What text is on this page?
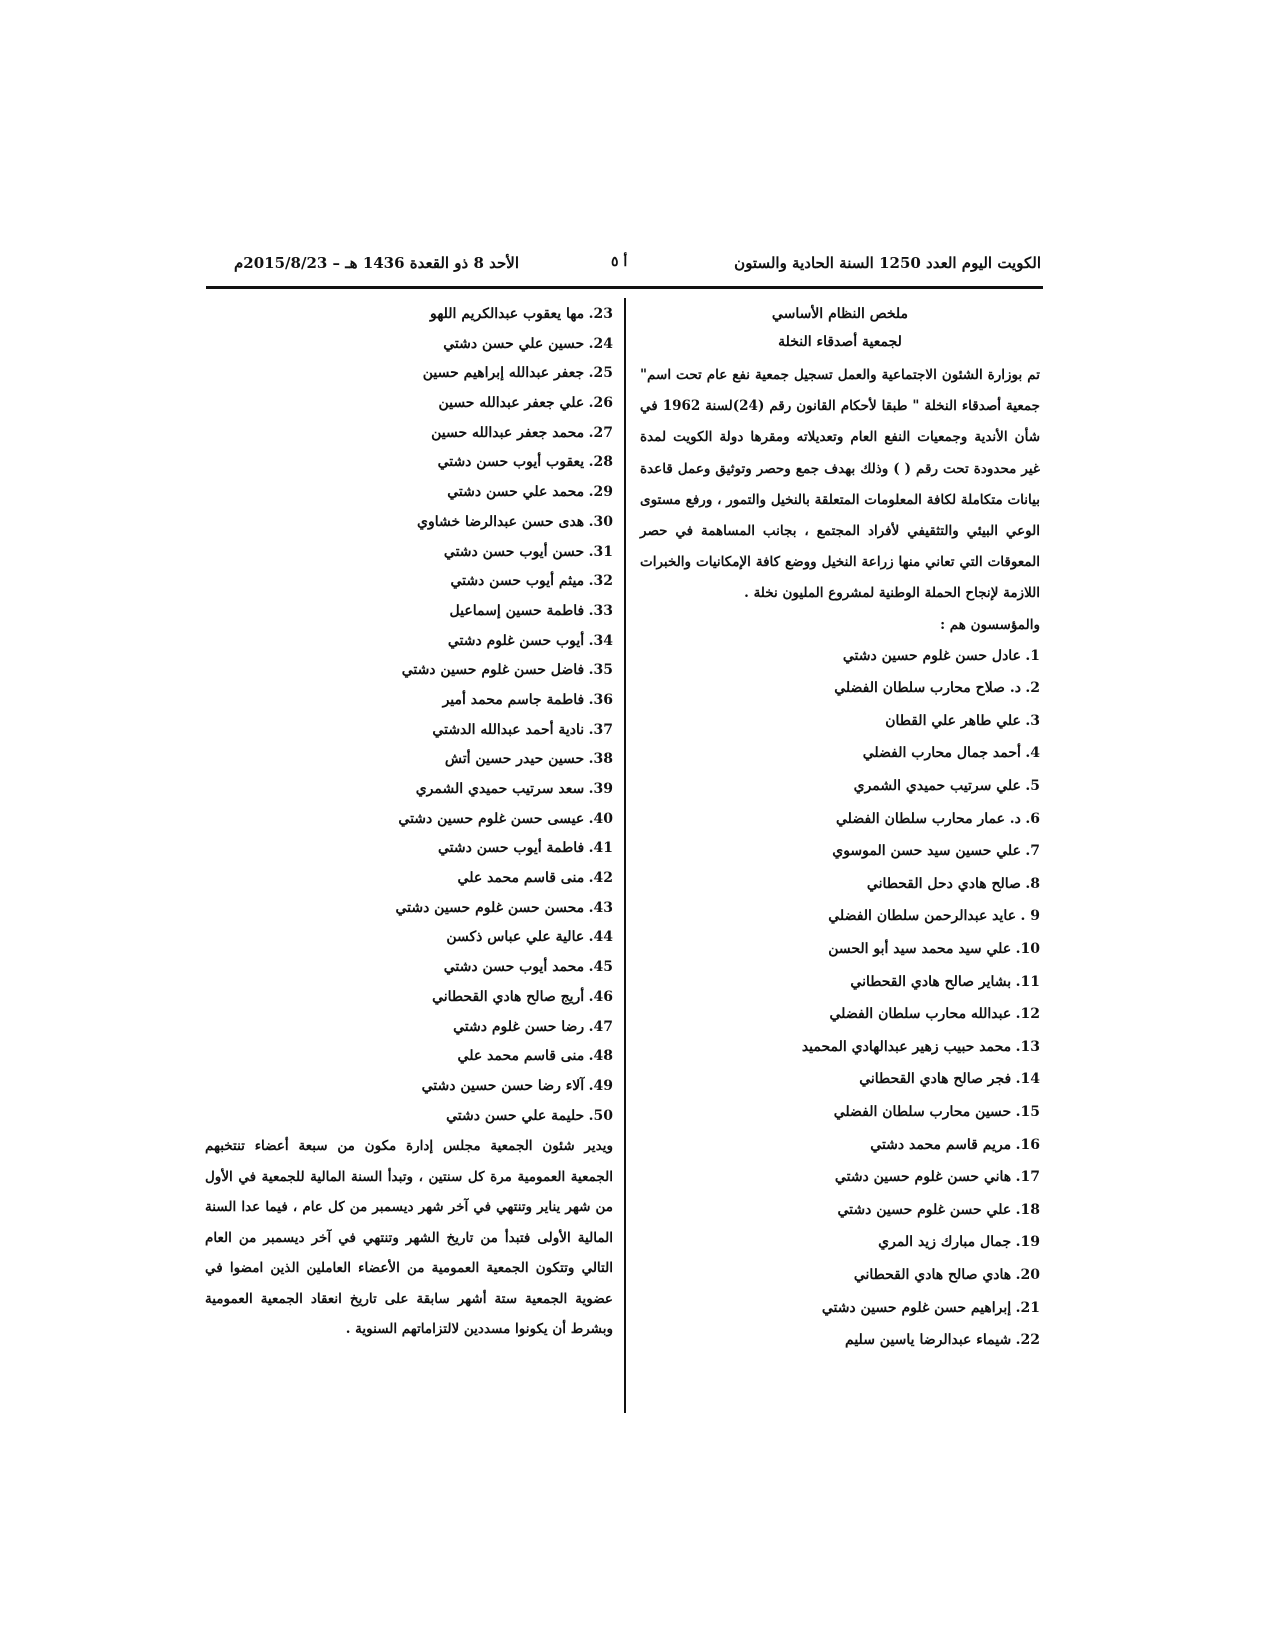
الكويت اليوم العدد 1250 السنة الحادية والستون
أ ٥
الأحد 8 ذو القعدة 1436 هـ – 2015/8/23م

ملخص النظام الأساسي

لجمعية أصدقاء النخلة

تم بوزارة الشئون الاجتماعية والعمل تسجيل جمعية نفع عام تحت اسم" جمعية أصدقاء النخلة " طبقا لأحكام القانون رقم (24)لسنة 1962 في شأن الأندية وجمعيات النفع العام وتعديلاته ومقرها دولة الكويت لمدة غير محدودة تحت رقم ( ) وذلك بهدف جمع وحصر وتوثيق وعمل قاعدة بيانات متكاملة لكافة المعلومات المتعلقة بالنخيل والتمور ، ورفع مستوى الوعي البيئي والتثقيفي لأفراد المجتمع ، بجانب المساهمة في حصر المعوقات التي تعاني منها زراعة النخيل ووضع كافة الإمكانيات والخبرات اللازمة لإنجاح الحملة الوطنية لمشروع المليون نخلة .

والمؤسسون هم :

1. عادل حسن غلوم حسين دشتي
2. د. صلاح محارب سلطان الفضلي
3. علي طاهر علي القطان
4. أحمد جمال محارب الفضلي
5. علي سرتيب حميدي الشمري
6. د. عمار محارب سلطان الفضلي
7. علي حسين سيد حسن الموسوي
8. صالح هادي دحل القحطاني
9 . عايد عبدالرحمن سلطان الفضلي
10. علي سيد محمد سيد أبو الحسن
11. بشاير صالح هادي القحطاني
12. عبدالله محارب سلطان الفضلي
13. محمد حبيب زهير عبدالهادي المحميد
14. فجر صالح هادي القحطاني
15. حسين محارب سلطان الفضلي
16. مريم قاسم محمد دشتي
17. هاني حسن غلوم حسين دشتي
18. علي حسن غلوم حسين دشتي
19. جمال مبارك زيد المري
20. هادي صالح هادي القحطاني
21. إبراهيم حسن غلوم حسين دشتي
22. شيماء عبدالرضا ياسين سليم
23. مها يعقوب عبدالكريم اللهو
24. حسين علي حسن دشتي
25. جعفر عبدالله إبراهيم حسين
26. علي جعفر عبدالله حسين
27. محمد جعفر عبدالله حسين
28. يعقوب أيوب حسن دشتي
29. محمد علي حسن دشتي
30. هدى حسن عبدالرضا خشاوي
31. حسن أيوب حسن دشتي
32. ميثم أيوب حسن دشتي
33. فاطمة حسين إسماعيل
34. أيوب حسن غلوم دشتي
35. فاضل حسن غلوم حسين دشتي
36. فاطمة جاسم محمد أمير
37. نادية أحمد عبدالله الدشتي
38. حسين حيدر حسين أتش
39. سعد سرتيب حميدي الشمري
40. عيسى حسن غلوم حسين دشتي
41. فاطمة أيوب حسن دشتي
42. منى قاسم محمد علي
43. محسن حسن غلوم حسين دشتي
44. عالية علي عباس ذكسن
45. محمد أيوب حسن دشتي
46. أريج صالح هادي القحطاني
47. رضا حسن غلوم دشتي
48. منى قاسم محمد علي
49. آلاء رضا حسن حسين دشتي
50. حليمة علي حسن دشتي

ويدير شئون الجمعية مجلس إدارة مكون من سبعة أعضاء تنتخبهم الجمعية العمومية مرة كل سنتين ، وتبدأ السنة المالية للجمعية في الأول من شهر يناير وتنتهي في آخر شهر ديسمبر من كل عام ، فيما عدا السنة المالية الأولى فتبدأ من تاريخ الشهر وتنتهي في آخر ديسمبر من العام التالي وتتكون الجمعية العمومية من الأعضاء العاملين الذين امضوا في عضوية الجمعية ستة أشهر سابقة على تاريخ انعقاد الجمعية العمومية وبشرط أن يكونوا مسددين لالتزاماتهم السنوية .
